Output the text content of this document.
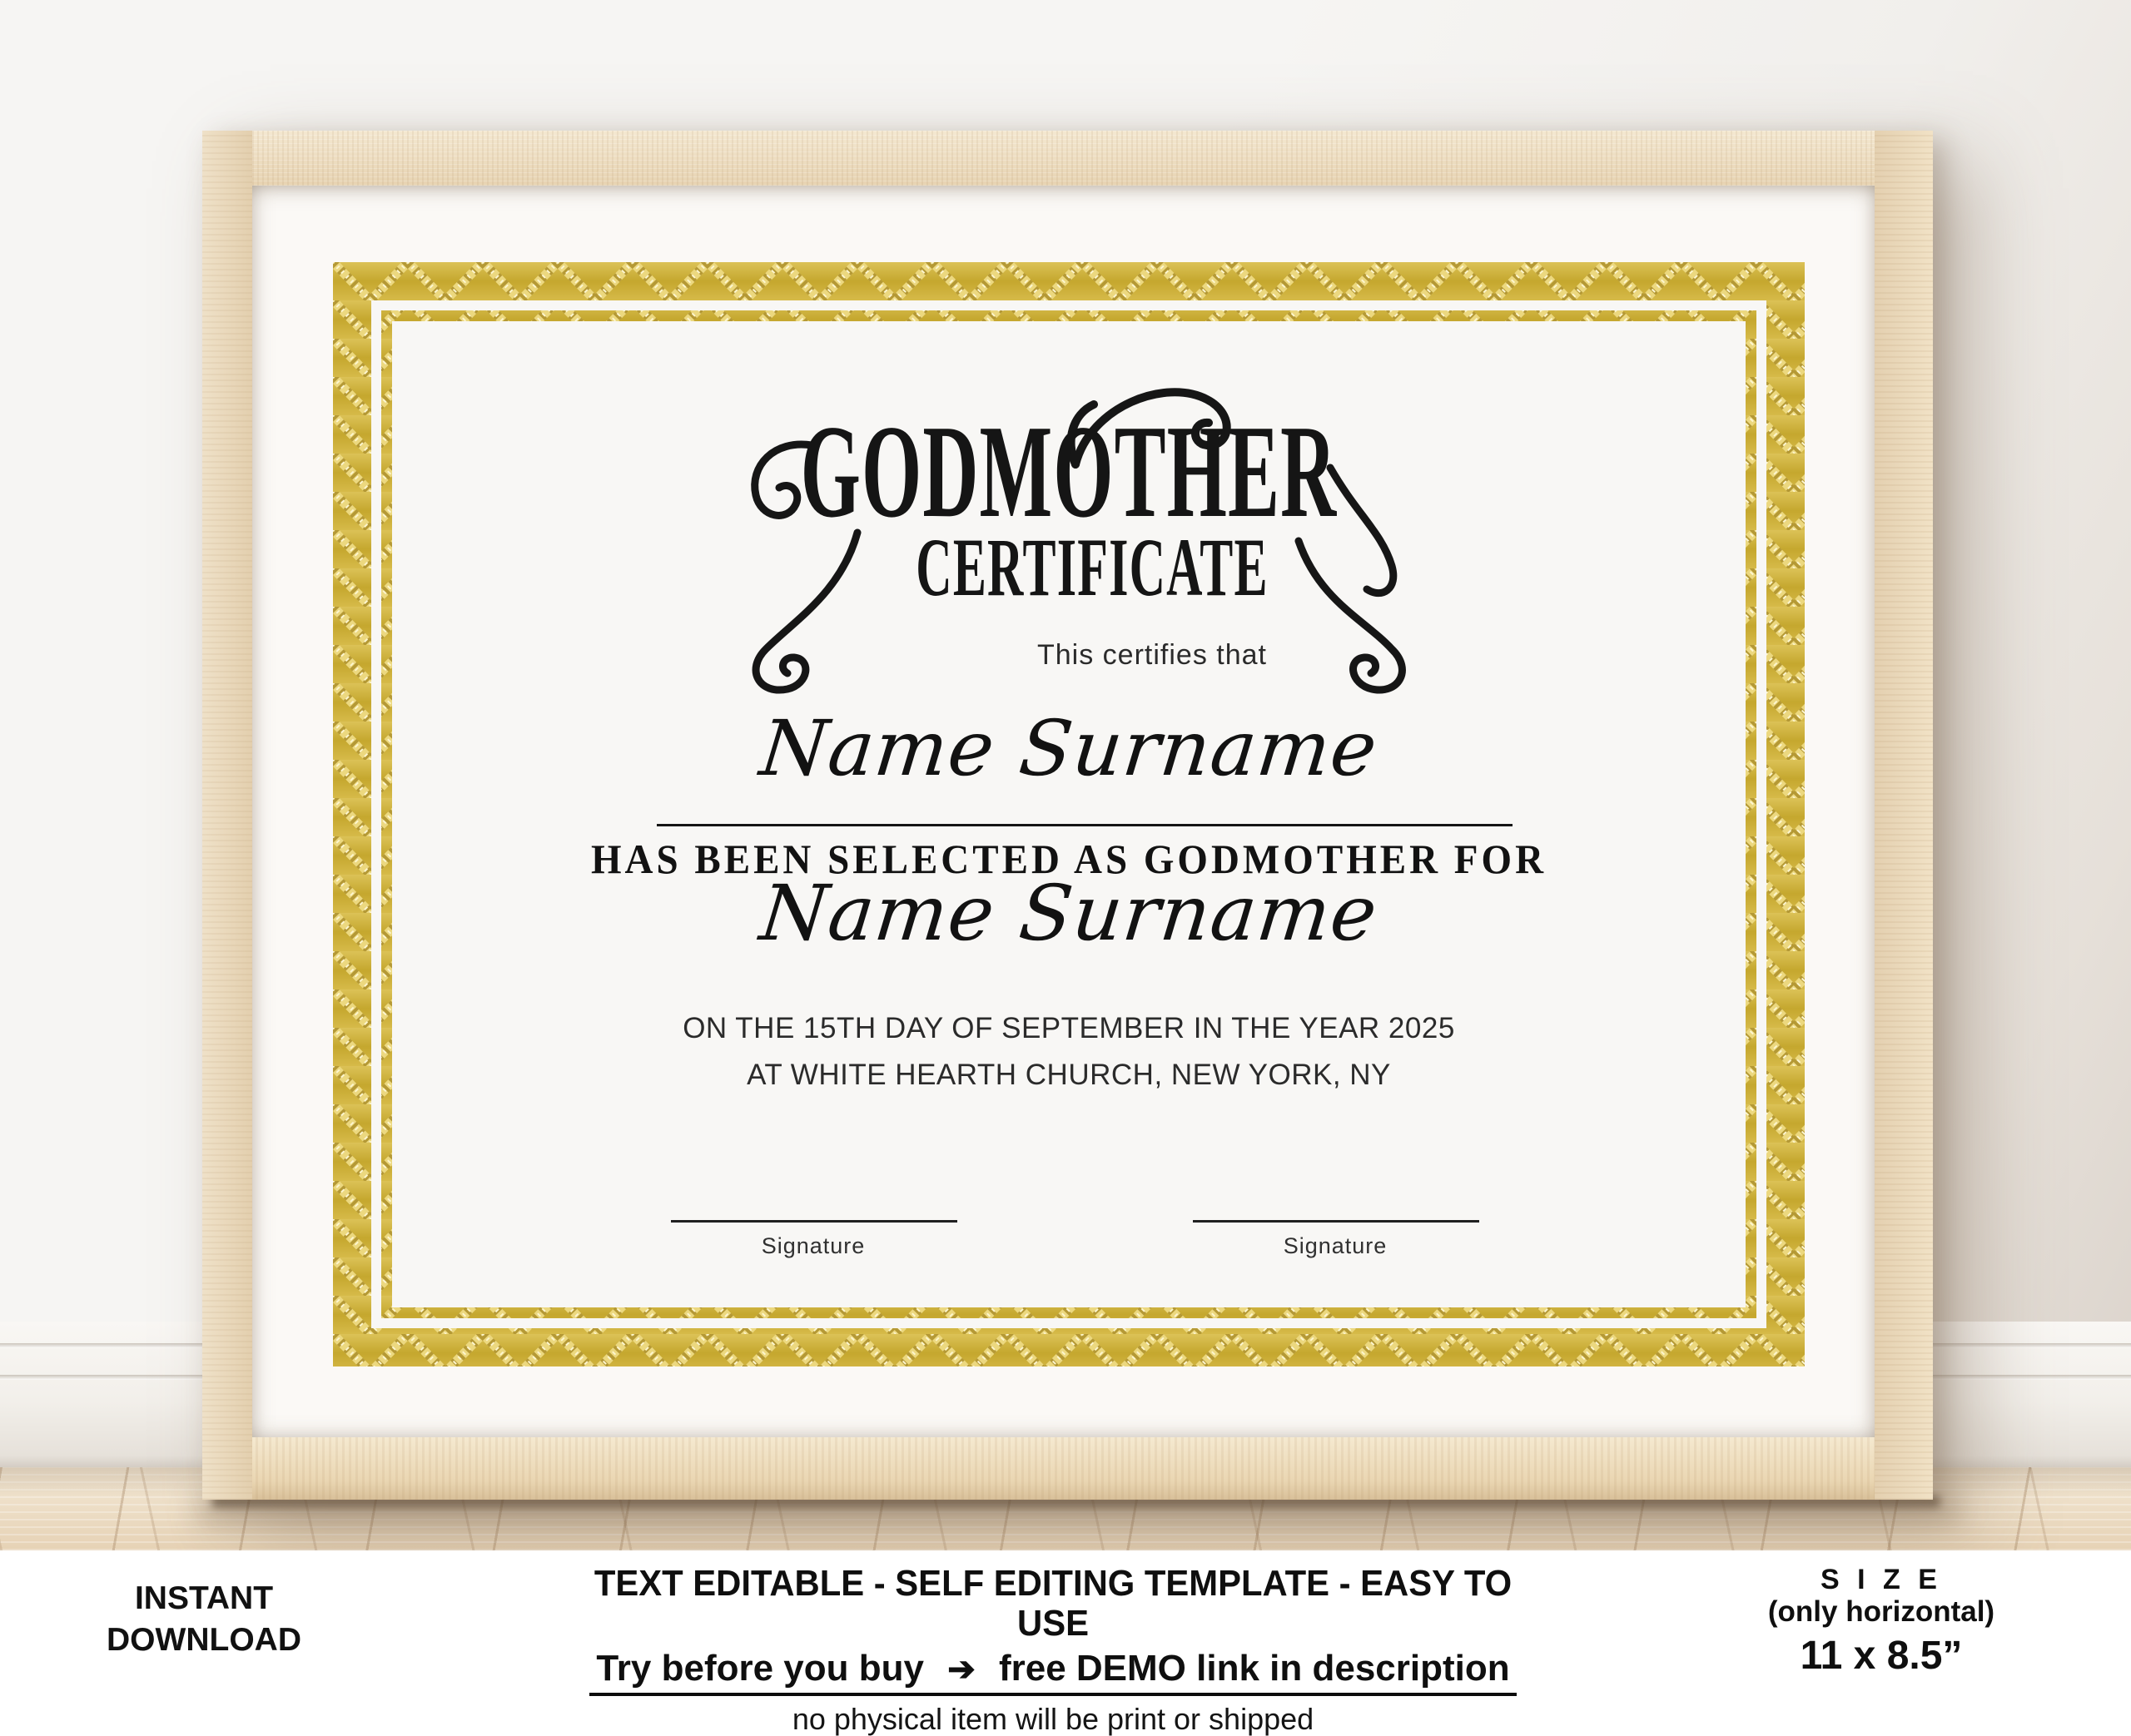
GODMOTHER
CERTIFICATE
This certifies that
Name Surname
HAS BEEN SELECTED AS GODMOTHER FOR
Name Surname
ON THE 15TH DAY OF SEPTEMBER IN THE YEAR 2025
AT WHITE HEARTH CHURCH, NEW YORK, NY
Signature	Signature
INSTANT
DOWNLOAD
TEXT EDITABLE - SELF EDITING TEMPLATE - EASY TO USE
Try before you buy ➔ free DEMO link in description
no physical item will be print or shipped
S I Z E
(only horizontal)
11 x 8.5”
